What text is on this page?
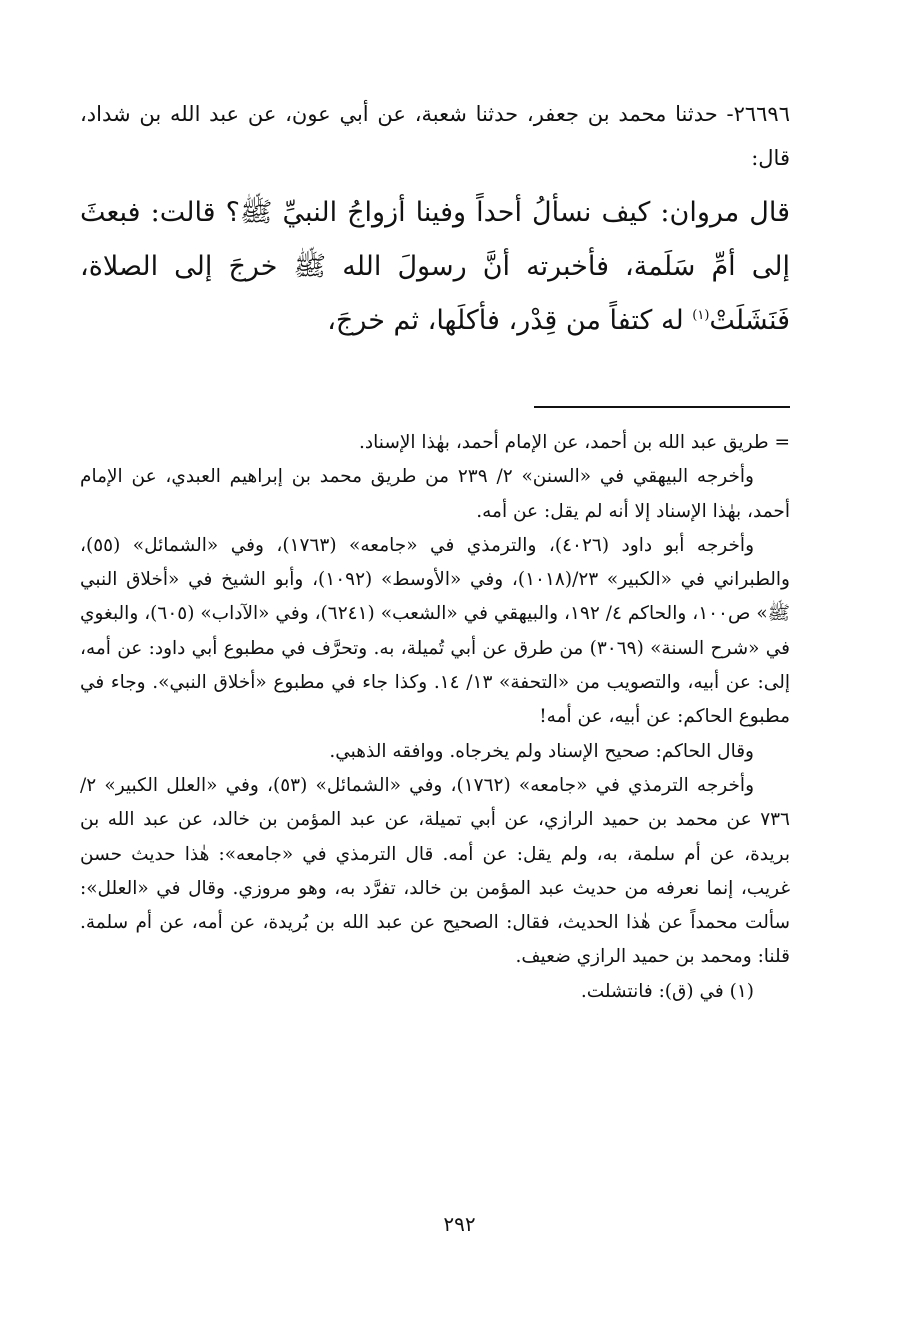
٢٦٦٩٦- حدثنا محمد بن جعفر، حدثنا شعبة، عن أبي عون، عن عبد الله بن شداد، قال:

قال مروان: كيف نسألُ أحداً وفينا أزواجُ النبيِّ ﷺ؟ قالت: فبعثَ إلى أمِّ سَلَمة، فأخبرته أنَّ رسولَ الله ﷺ خرجَ إلى الصلاة، فَنَشَلَتْ$^{(١)}$ له كتفاً من قِدْر، فأكلَها، ثم خرجَ،

= طريق عبد الله بن أحمد، عن الإمام أحمد، بهٰذا الإسناد.

وأخرجه البيهقي في «السنن» ٢/ ٢٣٩ من طريق محمد بن إبراهيم العبدي، عن الإمام أحمد، بهٰذا الإسناد إلا أنه لم يقل: عن أمه.

وأخرجه أبو داود (٤٠٢٦)، والترمذي في «جامعه» (١٧٦٣)، وفي «الشمائل» (٥٥)، والطبراني في «الكبير» ٢٣/(١٠١٨)، وفي «الأوسط» (١٠٩٢)، وأبو الشيخ في «أخلاق النبي ﷺ» ص١٠٠، والحاكم ٤/ ١٩٢، والبيهقي في «الشعب» (٦٢٤١)، وفي «الآداب» (٦٠٥)، والبغوي في «شرح السنة» (٣٠٦٩) من طرق عن أبي تُميلة، به. وتحرَّف في مطبوع أبي داود: عن أمه، إلى: عن أبيه، والتصويب من «التحفة» ١٣/ ١٤. وكذا جاء في مطبوع «أخلاق النبي». وجاء في مطبوع الحاكم: عن أبيه، عن أمه!

وقال الحاكم: صحيح الإسناد ولم يخرجاه. ووافقه الذهبي.

وأخرجه الترمذي في «جامعه» (١٧٦٢)، وفي «الشمائل» (٥٣)، وفي «العلل الكبير» ٢/ ٧٣٦ عن محمد بن حميد الرازي، عن أبي تميلة، عن عبد المؤمن بن خالد، عن عبد الله بن بريدة، عن أم سلمة، به، ولم يقل: عن أمه. قال الترمذي في «جامعه»: هٰذا حديث حسن غريب، إنما نعرفه من حديث عبد المؤمن بن خالد، تفرَّد به، وهو مروزي. وقال في «العلل»: سألت محمداً عن هٰذا الحديث، فقال: الصحيح عن عبد الله بن بُريدة، عن أمه، عن أم سلمة. قلنا: ومحمد بن حميد الرازي ضعيف.

(١) في (ق): فانتشلت.

٢٩٢
